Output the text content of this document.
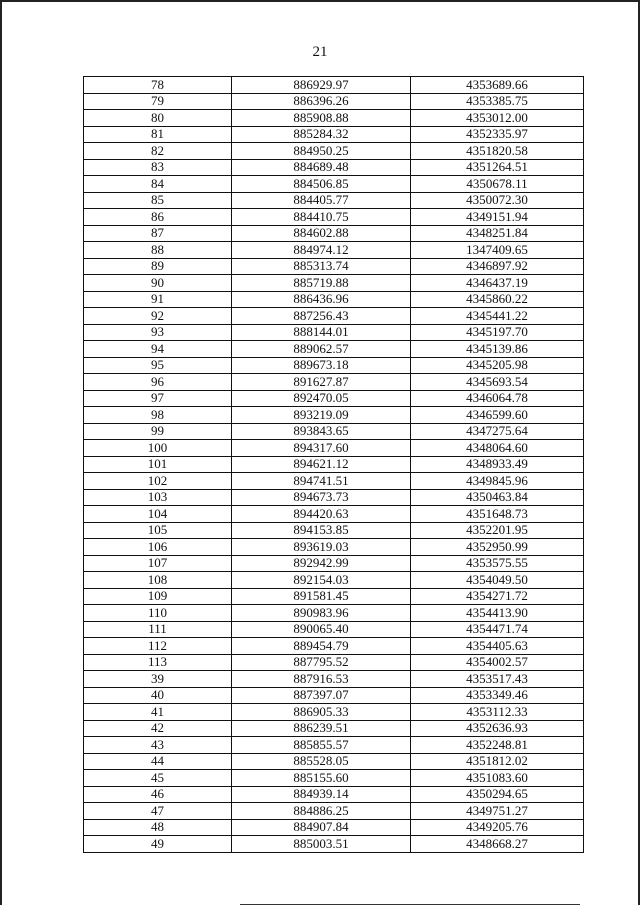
21
78	886929.97	4353689.66
79	886396.26	4353385.75
80	885908.88	4353012.00
81	885284.32	4352335.97
82	884950.25	4351820.58
83	884689.48	4351264.51
84	884506.85	4350678.11
85	884405.77	4350072.30
86	884410.75	4349151.94
87	884602.88	4348251.84
88	884974.12	1347409.65
89	885313.74	4346897.92
90	885719.88	4346437.19
91	886436.96	4345860.22
92	887256.43	4345441.22
93	888144.01	4345197.70
94	889062.57	4345139.86
95	889673.18	4345205.98
96	891627.87	4345693.54
97	892470.05	4346064.78
98	893219.09	4346599.60
99	893843.65	4347275.64
100	894317.60	4348064.60
101	894621.12	4348933.49
102	894741.51	4349845.96
103	894673.73	4350463.84
104	894420.63	4351648.73
105	894153.85	4352201.95
106	893619.03	4352950.99
107	892942.99	4353575.55
108	892154.03	4354049.50
109	891581.45	4354271.72
110	890983.96	4354413.90
111	890065.40	4354471.74
112	889454.79	4354405.63
113	887795.52	4354002.57
39	887916.53	4353517.43
40	887397.07	4353349.46
41	886905.33	4353112.33
42	886239.51	4352636.93
43	885855.57	4352248.81
44	885528.05	4351812.02
45	885155.60	4351083.60
46	884939.14	4350294.65
47	884886.25	4349751.27
48	884907.84	4349205.76
49	885003.51	4348668.27
